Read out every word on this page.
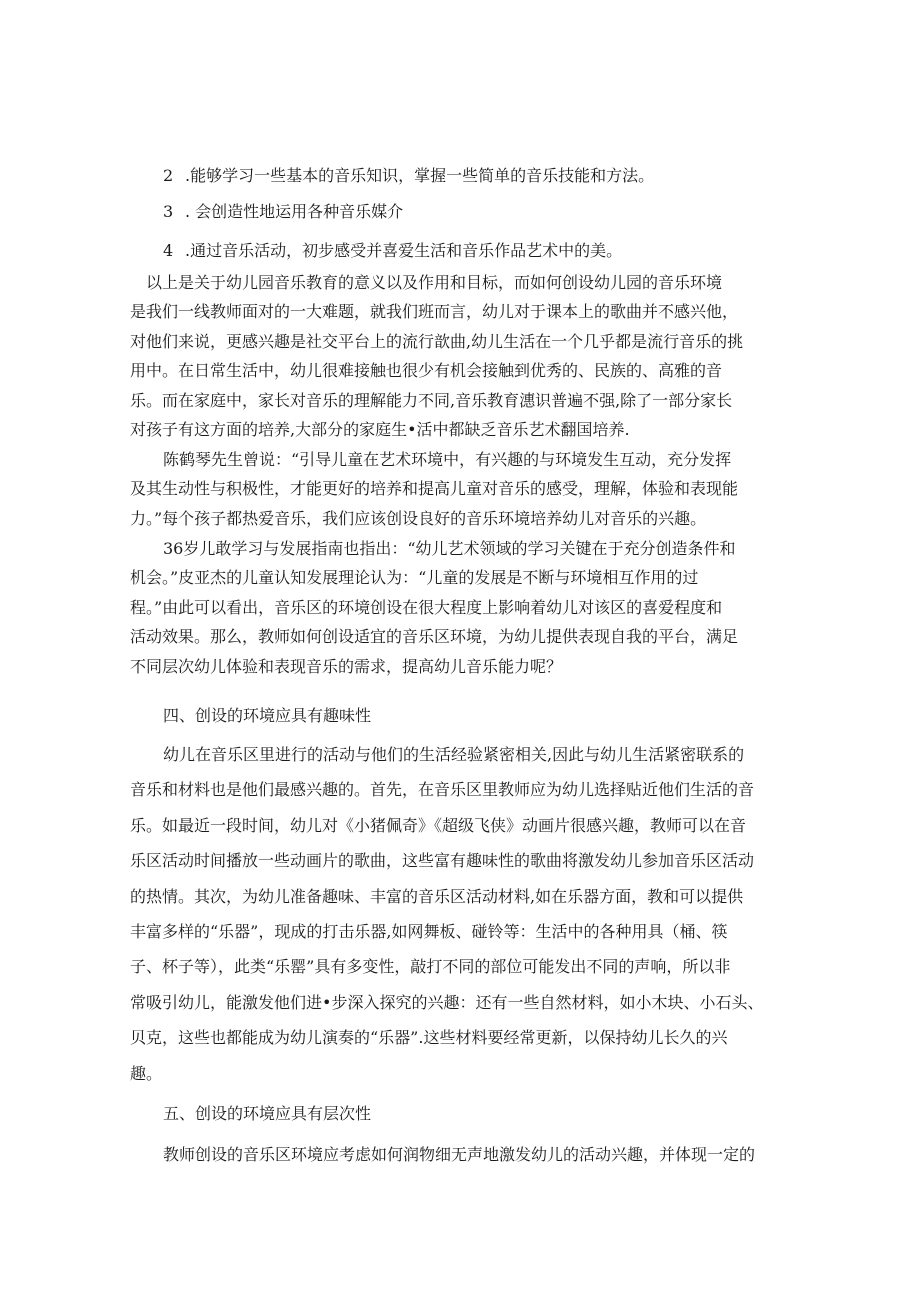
2 .能够学习一些基本的音乐知识，掌握一些简单的音乐技能和方法。
3 . 会创造性地运用各种音乐媒介
4 .通过音乐活动，初步感受并喜爱生活和音乐作品艺术中的美。
　以上是关于幼儿园音乐教育的意义以及作用和目标，而如何创设幼儿园的音乐环境
是我们一线教师面对的一大难题，就我们班而言，幼儿对于课本上的歌曲并不感兴他，
对他们来说，更感兴趣是社交平台上的流行歆曲,幼儿生活在一个几乎都是流行音乐的挑
用中。在日常生活中，幼儿很难接触也很少有机会接触到优秀的、民族的、高雅的音
乐。而在家庭中，家长对音乐的理解能力不同,音乐教育潓识普遍不强,除了一部分家长
对孩子有这方面的培养,大部分的家庭生•活中都缺乏音乐艺术翻国培养.
陈鹤琴先生曾说：“引导儿童在艺术环境中，有兴趣的与环境发生互动，充分发挥
及其生动性与积极性，才能更好的培养和提高儿童对音乐的感受，理解，体验和表现能
力。”每个孩子都热爱音乐，我们应该创设良好的音乐环境培养幼儿对音乐的兴趣。
36岁儿敢学习与发展指南也指出：“幼儿艺术领域的学习关键在于充分创造条件和
机会。”皮亚杰的儿童认知发展理论认为：“儿童的发展是不断与环境相互作用的过
程。”由此可以看出，音乐区的环境创设在很大程度上影响着幼儿对该区的喜爱程度和
活动效果。那么，教师如何创设适宜的音乐区环境，为幼儿提供表现自我的平台，满足
不同层次幼儿体验和表现音乐的需求，提高幼儿音乐能力呢？
四、创设的环境应具有趣味性
幼儿在音乐区里进行的活动与他们的生活经验紧密相关,因此与幼儿生活紧密联系的
音乐和材料也是他们最感兴趣的。首先，在音乐区里教师应为幼儿选择贴近他们生活的音
乐。如最近一段时间，幼儿对《小猪佩奇》《超级飞侠》动画片很感兴趣，教师可以在音
乐区活动时间播放一些动画片的歌曲，这些富有趣味性的歌曲将激发幼儿参加音乐区活动
的热情。其次，为幼儿准备趣味、丰富的音乐区活动材料,如在乐器方面，教和可以提供
丰富多样的“乐器”，现成的打击乐器,如网舞板、碰铃等：生活中的各种用具（桶、筷
子、杯子等），此类“乐罂”具有多变性，敲打不同的部位可能发出不同的声响，所以非
常吸引幼儿，能激发他们进•步深入探究的兴趣：还有一些自然材料，如小木块、小石头、
贝克，这些也都能成为幼儿演奏的“乐器”.这些材料要经常更新，以保持幼儿长久的兴
趣。
五、创设的环境应具有层次性
教师创设的音乐区环境应考虑如何润物细无声地激发幼儿的活动兴趣，并体现一定的
